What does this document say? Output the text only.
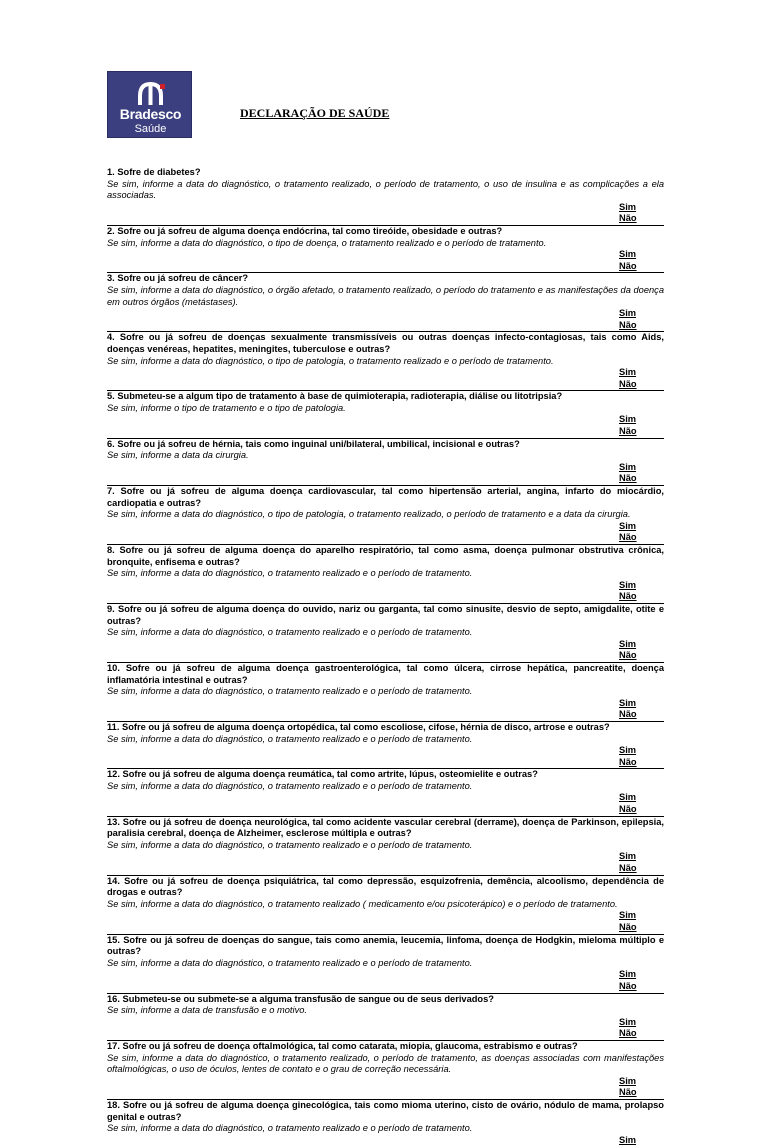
Bradesco
Saúde
DECLARAÇÃO DE SAÚDE
1. Sofre de diabetes?
Se sim, informe a data do diagnóstico, o tratamento realizado, o período de tratamento, o uso de insulina e as complicações a ela associadas.
Sim
Não
2. Sofre ou já sofreu de alguma doença endócrina, tal como tireóide, obesidade e outras?
Se sim, informe a data do diagnóstico, o tipo de doença, o tratamento realizado e o período de tratamento.
Sim
Não
3. Sofre ou já sofreu de câncer?
Se sim, informe a data do diagnóstico, o órgão afetado, o tratamento realizado, o período do tratamento e as manifestações da doença em outros órgãos (metástases).
Sim
Não
4. Sofre ou já sofreu de doenças sexualmente transmissíveis ou outras doenças infecto-contagiosas, tais como Aids, doenças venéreas, hepatites, meningites, tuberculose e outras?
Se sim, informe a data do diagnóstico, o tipo de patologia, o tratamento realizado e o período de tratamento.
Sim
Não
5. Submeteu-se a algum tipo de tratamento à base de quimioterapia, radioterapia, diálise ou litotripsia?
Se sim, informe o tipo de tratamento e o tipo de patologia.
Sim
Não
6. Sofre ou já sofreu de hérnia, tais como inguinal uni/bilateral, umbilical, incisional e outras?
Se sim, informe a data da cirurgia.
Sim
Não
7. Sofre ou já sofreu de alguma doença cardiovascular, tal como hipertensão arterial, angina, infarto do miocárdio, cardiopatia e outras?
Se sim, informe a data do diagnóstico, o tipo de patologia, o tratamento realizado, o período de tratamento e a data da cirurgia.
Sim
Não
8. Sofre ou já sofreu de alguma doença do aparelho respiratório, tal como asma, doença pulmonar obstrutiva crônica, bronquite, enfisema e outras?
Se sim, informe a data do diagnóstico, o tratamento realizado e o período de tratamento.
Sim
Não
9. Sofre ou já sofreu de alguma doença do ouvido, nariz ou garganta, tal como sinusite, desvio de septo, amigdalite, otite e outras?
Se sim, informe a data do diagnóstico, o tratamento realizado e o período de tratamento.
Sim
Não
10. Sofre ou já sofreu de alguma doença gastroenterológica, tal como úlcera, cirrose hepática, pancreatite, doença inflamatória intestinal e outras?
Se sim, informe a data do diagnóstico, o tratamento realizado e o período de tratamento.
Sim
Não
11. Sofre ou já sofreu de alguma doença ortopédica, tal como escoliose, cifose, hérnia de disco, artrose e outras?
Se sim, informe a data do diagnóstico, o tratamento realizado e o período de tratamento.
Sim
Não
12. Sofre ou já sofreu de alguma doença reumática, tal como artrite, lúpus, osteomielite e outras?
Se sim, informe a data do diagnóstico, o tratamento realizado e o período de tratamento.
Sim
Não
13. Sofre ou já sofreu de doença neurológica, tal como acidente vascular cerebral (derrame), doença de Parkinson, epilepsia, paralisia cerebral, doença de Alzheimer, esclerose múltipla e outras?
Se sim, informe a data do diagnóstico, o tratamento realizado e o período de tratamento.
Sim
Não
14. Sofre ou já sofreu de doença psiquiátrica, tal como depressão, esquizofrenia, demência, alcoolismo, dependência de drogas e outras?
Se sim, informe a data do diagnóstico, o tratamento realizado ( medicamento e/ou psicoterápico) e o período de tratamento.
Sim
Não
15. Sofre ou já sofreu de doenças do sangue, tais como anemia, leucemia, linfoma, doença de Hodgkin, mieloma múltiplo e outras?
Se sim, informe a data do diagnóstico, o tratamento realizado e o período de tratamento.
Sim
Não
16. Submeteu-se ou submete-se a alguma transfusão de sangue ou de seus derivados?
Se sim, informe a data de transfusão e o motivo.
Sim
Não
17. Sofre ou já sofreu de doença oftalmológica, tal como catarata, miopia, glaucoma, estrabismo e outras?
Se sim, informe a data do diagnóstico, o tratamento realizado, o período de tratamento, as doenças associadas com manifestações oftalmológicas, o uso de óculos, lentes de contato e o grau de correção necessária.
Sim
Não
18. Sofre ou já sofreu de alguma doença ginecológica, tais como mioma uterino, cisto de ovário, nódulo de mama, prolapso genital e outras?
Se sim, informe a data do diagnóstico, o tratamento realizado e o período de tratamento.
Sim
